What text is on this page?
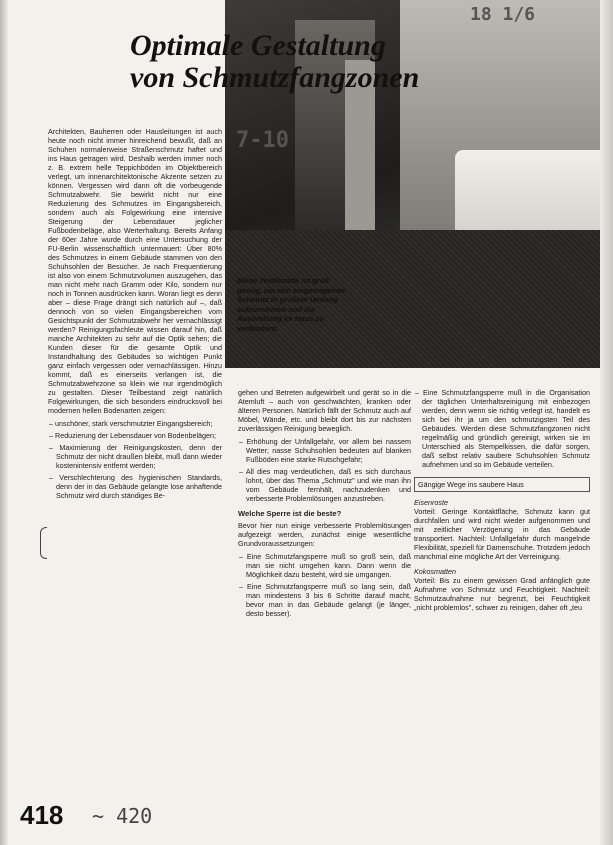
18 1/6
Optimale Gestaltung
von Schmutzfangzonen
7-10
Diese Textilmatte ist groß genug, um den eingetragenen Schmutz in großem Umfang aufzunehmen und die Ausbreitung im Haus zu verhindern.

Architekten, Bauherren oder Hausleitungen ist auch heute noch nicht immer hinreichend bewußt, daß an Schuhen normalerweise Straßenschmutz haftet und ins Haus getragen wird. Deshalb werden immer noch z. B. extrem helle Teppichböden im Objektbereich verlegt, um innenarchitektonische Akzente setzen zu können. Vergessen wird dann oft die vorbeugende Schmutzabwehr. Sie bewirkt nicht nur eine Reduzierung des Schmutzes im Eingangsbereich, sondern auch als Folgewirkung eine intensive Steigerung der Lebensdauer jeglicher Fußbodenbeläge, also Werterhaltung. Bereits Anfang der 60er Jahre wurde durch eine Untersuchung der FU-Berlin wissenschaftlich untermauert: Über 80% des Schmutzes in einem Gebäude stammen von den Schuhsohlen der Besucher. Je nach Frequentierung ist also von einem Schmutzvolumen auszugehen, das man nicht mehr nach Gramm oder Kilo, sondern nur noch in Tonnen ausdrücken kann. Woran liegt es denn aber – diese Frage drängt sich natürlich auf –, daß dennoch von so vielen Eingangsbereichen vom Gesichtspunkt der Schmutzabwehr her vernachlässigt werden? Reinigungsfachleute wissen darauf hin, daß manche Architekten zu sehr auf die Optik sehen; die Kunden dieser für die gesamte Optik und Instandhaltung des Gebäudes so wichtigen Punkt ganz einfach vergessen oder vernachlässigen. Hinzu kommt, daß es einerseits verlangen ist, die Schmutzabwehrzone so klein wie nur irgendmöglich zu gestalten. Dieser Teilbestand zeigt natürlich Folgewirkungen, die sich besonders eindrucksvoll bei modernen hellen Bodenarten zeigen:

– unschöner, stark verschmutzter Eingangsbereich;
– Reduzierung der Lebensdauer von Bodenbelägen;
– Maximierung der Reinigungskosten, denn der Schmutz der nicht draußen bleibt, muß dann wieder kostenintensiv entfernt werden;
– Verschlechterung des hygienischen Standards, denn der in das Gebäude gelangte lose anhaftende Schmutz wird durch ständiges Be-

gehen und Betreten aufgewirbelt und gerät so in die Atemluft – auch von geschwächten, kranken oder älteren Personen. Natürlich fällt der Schmutz auch auf Möbel, Wände, etc. und bleibt dort bis zur nächsten zuverlässigen Reinigung beweglich.

– Erhöhung der Unfallgefahr, vor allem bei nassem Wetter; nasse Schuhsohlen bedeuten auf blanken Fußböden eine starke Rutschgefahr;
– All dies mag verdeutlichen, daß es sich durchaus lohnt, über das Thema „Schmutz" und wie man ihn vom Gebäude fernhält, nachzudenken und verbesserte Problemlösungen anzustreben.
Welche Sperre ist die beste?

Bevor hier nun einige verbesserte Problemlösungen aufgezeigt werden, zunächst einige wesentliche Grundvoraussetzungen:

– Eine Schmutzfangsperre muß so groß sein, daß man sie nicht umgehen kann. Dann wenn die Möglichkeit dazu besteht, wird sie umgangen.
– Eine Schmutzfangsperre muß so lang sein, daß man mindestens 3 bis 6 Schritte darauf macht, bevor man in das Gebäude gelangt (je länger, desto besser).
– Eine Schmutzfangsperre muß in die Organisation der täglichen Unterhaltsreinigung mit einbezogen werden, denn wenn sie richtig verlegt ist, handelt es sich bei ihr ja um den schmutzigsten Teil des Gebäudes. Werden diese Schmutzfangzonen nicht regelmäßig und gründlich gereinigt, wirken sie im Unterschied als Stempelkissen, die dafür sorgen, daß selbst relativ saubere Schuhsohlen Schmutz aufnehmen und so im Gebäude verteilen.
Gängige Wege ins saubere Haus
Eisenroste

Vorteil: Geringe Kontaktfläche, Schmutz kann gut durchfallen und wird nicht wieder aufgenommen und mit zeitlicher Verzögerung in das Gebäude transportiert. Nachteil: Unfallgefahr durch mangelnde Flexibilität, speziell für Damenschuhe. Trotzdem jedoch manchmal eine mögliche Art der Verreinigung.

Kokosmatten

Vorteil: Bis zu einem gewissen Grad anfänglich gute Aufnahme von Schmutz und Feuchtigkeit. Nachteil: Schmutzaufnahme nur begrenzt, bei Feuchtigkeit „nicht problemlos", schwer zu reinigen, daher oft „teu

418 ~ 420
